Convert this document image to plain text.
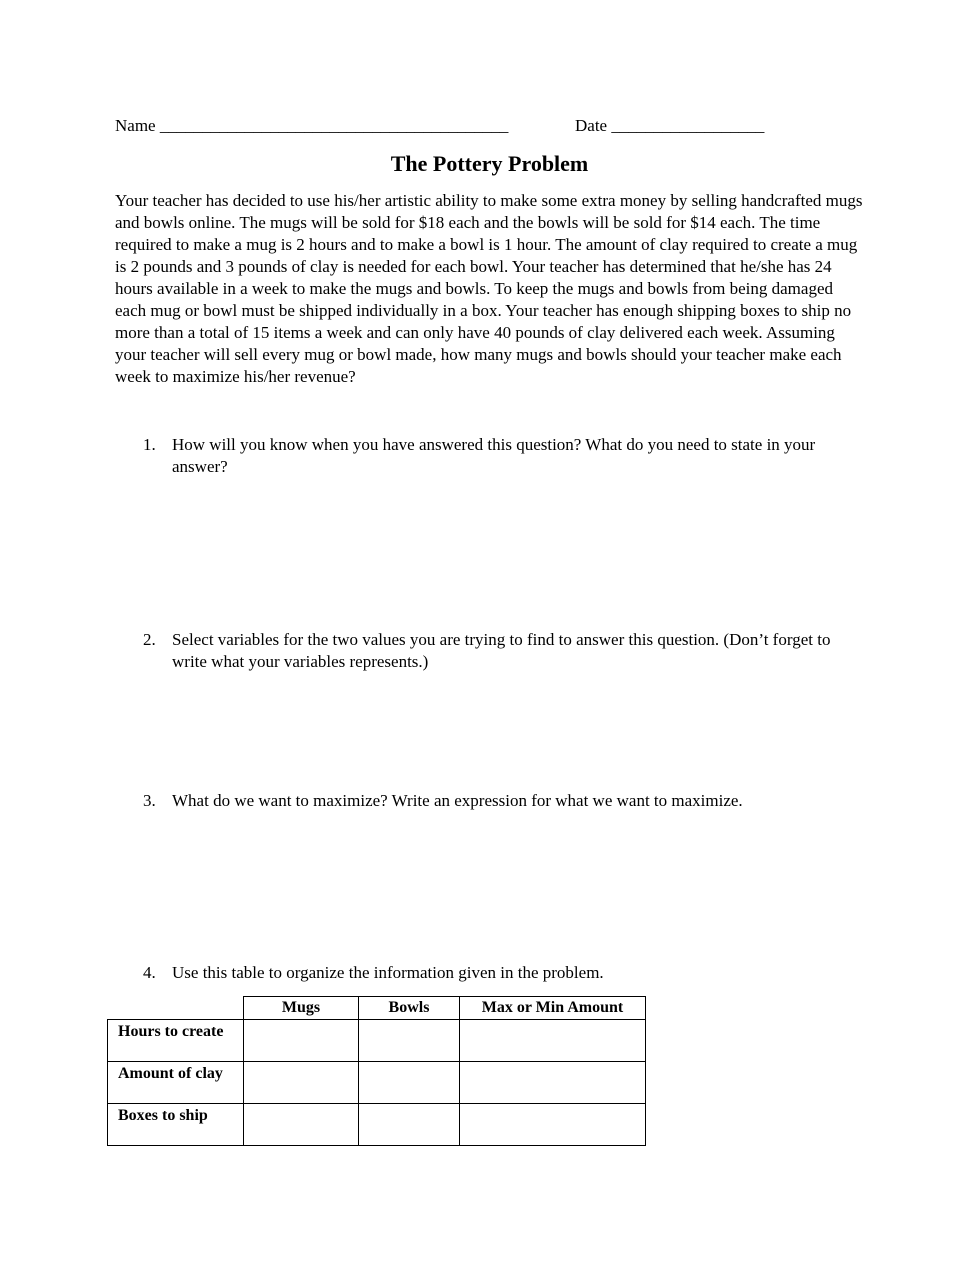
Name _________________________________________	Date __________________
The Pottery Problem

Your teacher has decided to use his/her artistic ability to make some extra money by selling handcrafted mugs and bowls online. The mugs will be sold for $18 each and the bowls will be sold for $14 each. The time required to make a mug is 2 hours and to make a bowl is 1 hour. The amount of clay required to create a mug is 2 pounds and 3 pounds of clay is needed for each bowl. Your teacher has determined that he/she has 24 hours available in a week to make the mugs and bowls. To keep the mugs and bowls from being damaged each mug or bowl must be shipped individually in a box. Your teacher has enough shipping boxes to ship no more than a total of 15 items a week and can only have 40 pounds of clay delivered each week. Assuming your teacher will sell every mug or bowl made, how many mugs and bowls should your teacher make each week to maximize his/her revenue?

1. How will you know when you have answered this question? What do you need to state in your answer?
2. Select variables for the two values you are trying to find to answer this question. (Don’t forget to write what your variables represents.)
3. What do we want to maximize? Write an expression for what we want to maximize.
4. Use this table to organize the information given in the problem.
	Mugs	Bowls	Max or Min Amount
Hours to create			
Amount of clay			
Boxes to ship			
